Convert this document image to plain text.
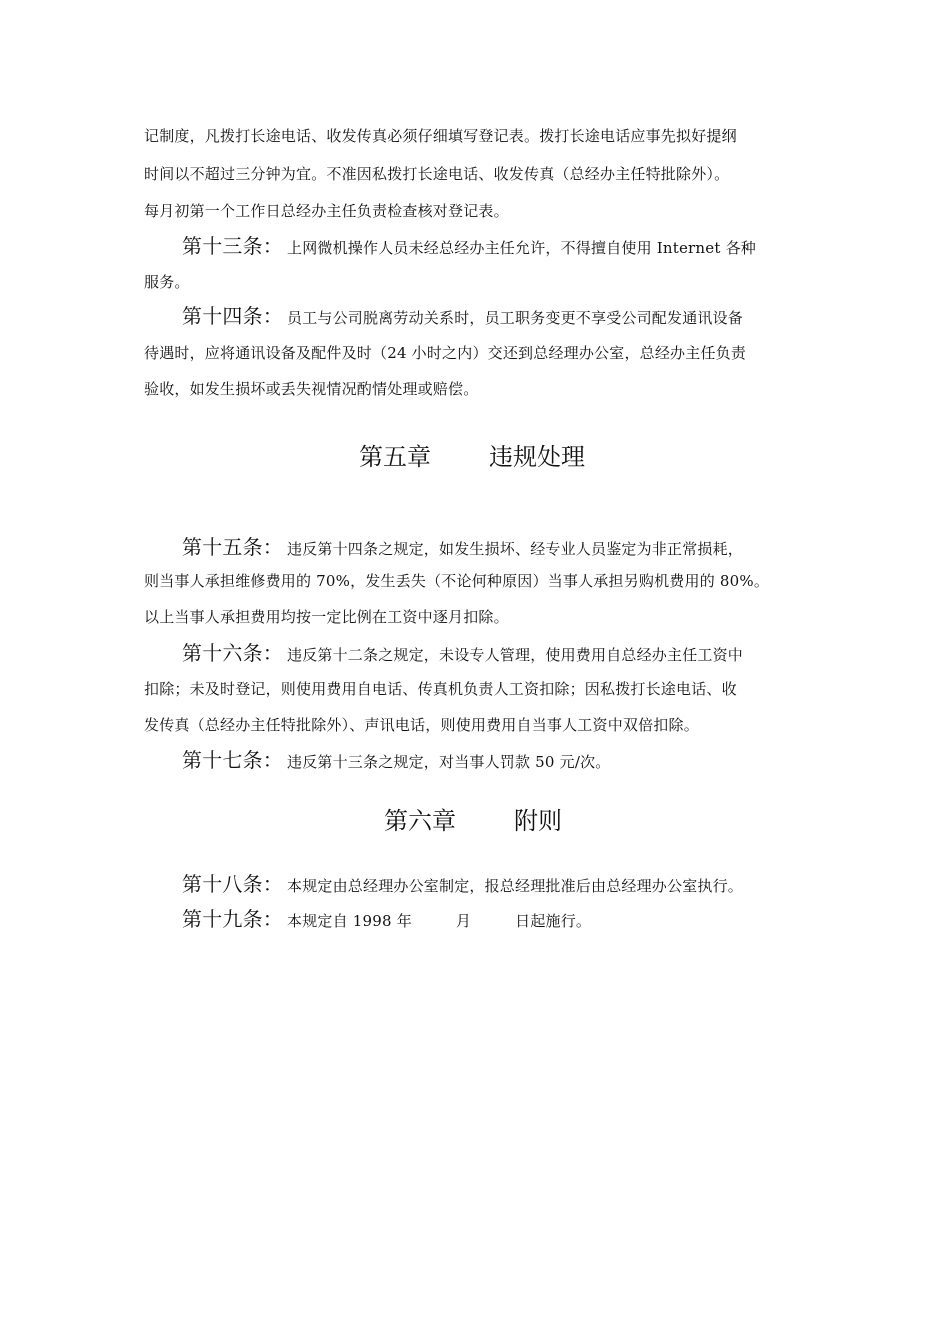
记制度，凡拨打长途电话、收发传真必须仔细填写登记表。拨打长途电话应事先拟好提纲
时间以不超过三分钟为宜。不准因私拨打长途电话、收发传真（总经办主任特批除外）。
每月初第一个工作日总经办主任负责检查核对登记表。
第十三条： 上网微机操作人员未经总经办主任允许，不得擅自使用 Internet 各种
服务。
第十四条： 员工与公司脱离劳动关系时，员工职务变更不享受公司配发通讯设备
待遇时，应将通讯设备及配件及时（24 小时之内）交还到总经理办公室，总经办主任负责
验收，如发生损坏或丢失视情况酌情处理或赔偿。
第五章 违规处理
第十五条： 违反第十四条之规定，如发生损坏、经专业人员鉴定为非正常损耗，
则当事人承担维修费用的 70%，发生丢失（不论何种原因）当事人承担另购机费用的 80%。
以上当事人承担费用均按一定比例在工资中逐月扣除。
第十六条： 违反第十二条之规定，未设专人管理，使用费用自总经办主任工资中
扣除；未及时登记，则使用费用自电话、传真机负责人工资扣除；因私拨打长途电话、收
发传真（总经办主任特批除外）、声讯电话，则使用费用自当事人工资中双倍扣除。
第十七条： 违反第十三条之规定，对当事人罚款 50 元/次。
第六章 附则
第十八条： 本规定由总经理办公室制定，报总经理批准后由总经理办公室执行。
第十九条： 本规定自 1998 年	月	日起施行。
